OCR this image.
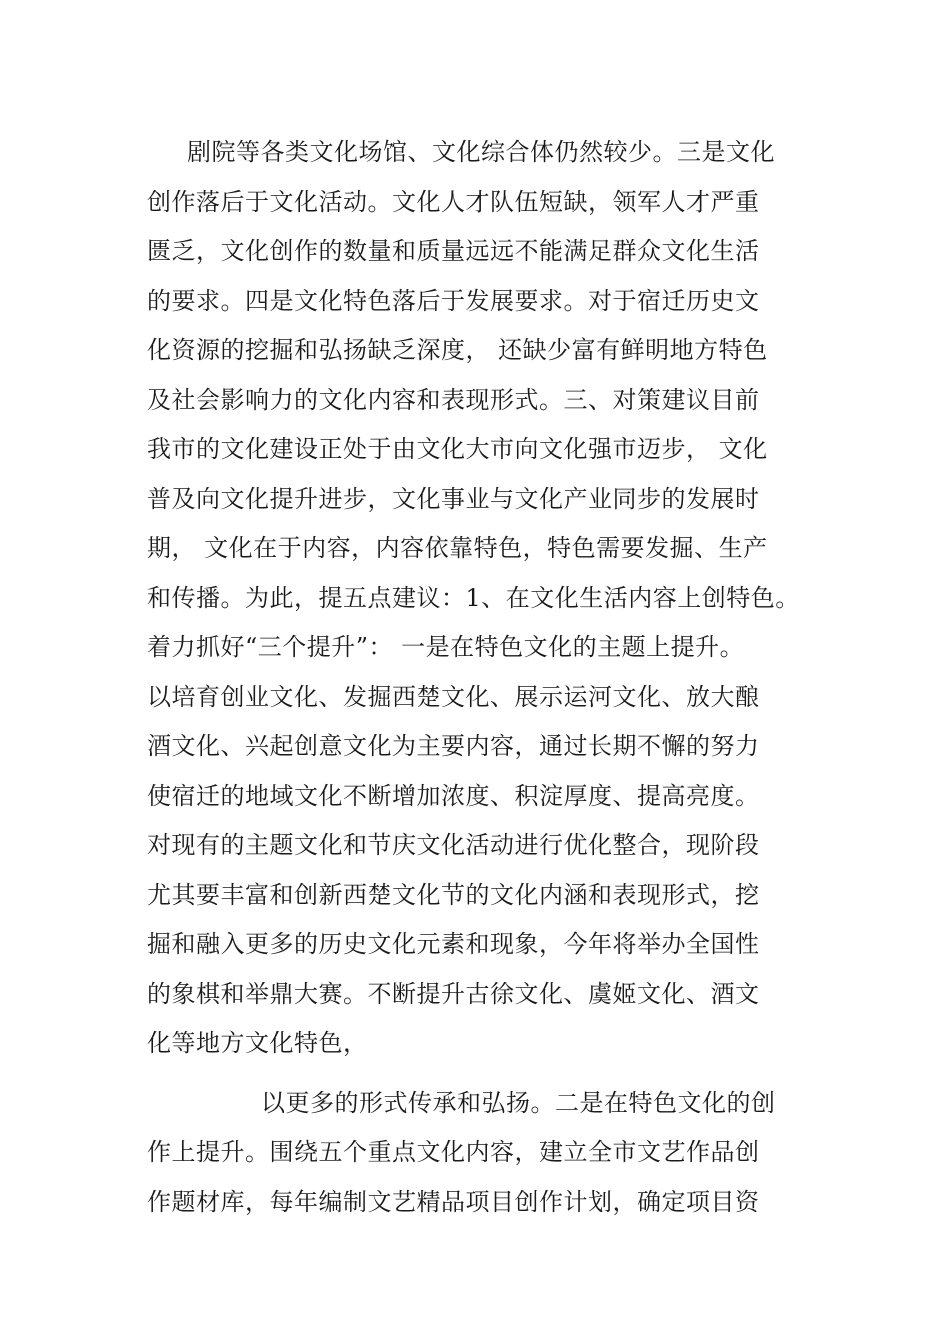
剧院等各类文化场馆、文化综合体仍然较少。三是文化
创作落后于文化活动。文化人才队伍短缺，领军人才严重
匮乏，文化创作的数量和质量远远不能满足群众文化生活
的要求。四是文化特色落后于发展要求。对于宿迁历史文
化资源的挖掘和弘扬缺乏深度， 还缺少富有鲜明地方特色
及社会影响力的文化内容和表现形式。三、对策建议目前
我市的文化建设正处于由文化大市向文化强市迈步， 文化
普及向文化提升进步，文化事业与文化产业同步的发展时
期， 文化在于内容，内容依靠特色，特色需要发掘、生产
和传播。为此，提五点建议：1、在文化生活内容上创特色。
着力抓好“三个提升”： 一是在特色文化的主题上提升。
以培育创业文化、发掘西楚文化、展示运河文化、放大酿
酒文化、兴起创意文化为主要内容，通过长期不懈的努力
使宿迁的地域文化不断增加浓度、积淀厚度、提高亮度。
对现有的主题文化和节庆文化活动进行优化整合，现阶段
尤其要丰富和创新西楚文化节的文化内涵和表现形式，挖
掘和融入更多的历史文化元素和现象，今年将举办全国性
的象棋和举鼎大赛。不断提升古徐文化、虞姬文化、酒文
化等地方文化特色，
以更多的形式传承和弘扬。二是在特色文化的创
作上提升。围绕五个重点文化内容，建立全市文艺作品创
作题材库，每年编制文艺精品项目创作计划，确定项目资
